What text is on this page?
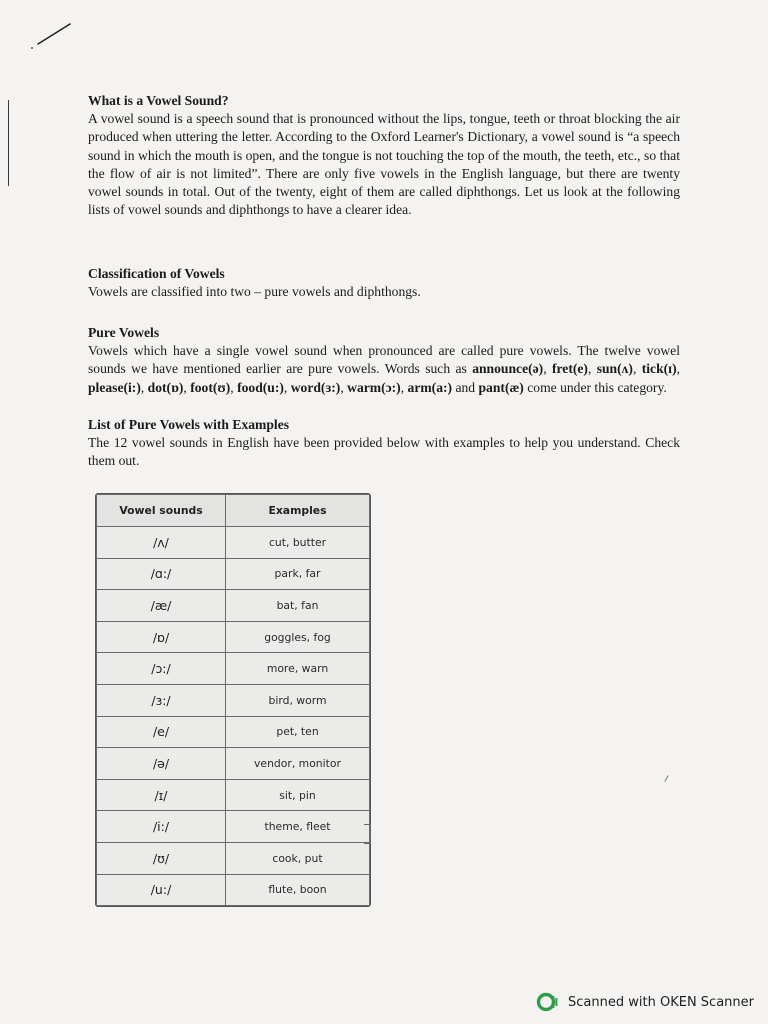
What is a Vowel Sound?

A vowel sound is a speech sound that is pronounced without the lips, tongue, teeth or throat blocking the air produced when uttering the letter. According to the Oxford Learner's Dictionary, a vowel sound is “a speech sound in which the mouth is open, and the tongue is not touching the top of the mouth, the teeth, etc., so that the flow of air is not limited”. There are only five vowels in the English language, but there are twenty vowel sounds in total. Out of the twenty, eight of them are called diphthongs. Let us look at the following lists of vowel sounds and diphthongs to have a clearer idea.

Classification of Vowels

Vowels are classified into two – pure vowels and diphthongs.

Pure Vowels

Vowels which have a single vowel sound when pronounced are called pure vowels. The twelve vowel sounds we have mentioned earlier are pure vowels. Words such as announce(ə), fret(e), sun(ʌ), tick(ɪ), please(i:), dot(ɒ), foot(ʊ), food(u:), word(ɜ:), warm(ɔ:), arm(a:) and pant(æ) come under this category.

List of Pure Vowels with Examples

The 12 vowel sounds in English have been provided below with examples to help you understand. Check them out.

Vowel sounds	Examples
/ʌ/	cut, butter
/ɑ:/	park, far
/æ/	bat, fan
/ɒ/	goggles, fog
/ɔ:/	more, warn
/ɜ:/	bird, worm
/e/	pet, ten
/ə/	vendor, monitor
/ɪ/	sit, pin
/i:/	theme, fleet
/ʊ/	cook, put
/u:/	flute, boon
Scanned with OKEN Scanner
